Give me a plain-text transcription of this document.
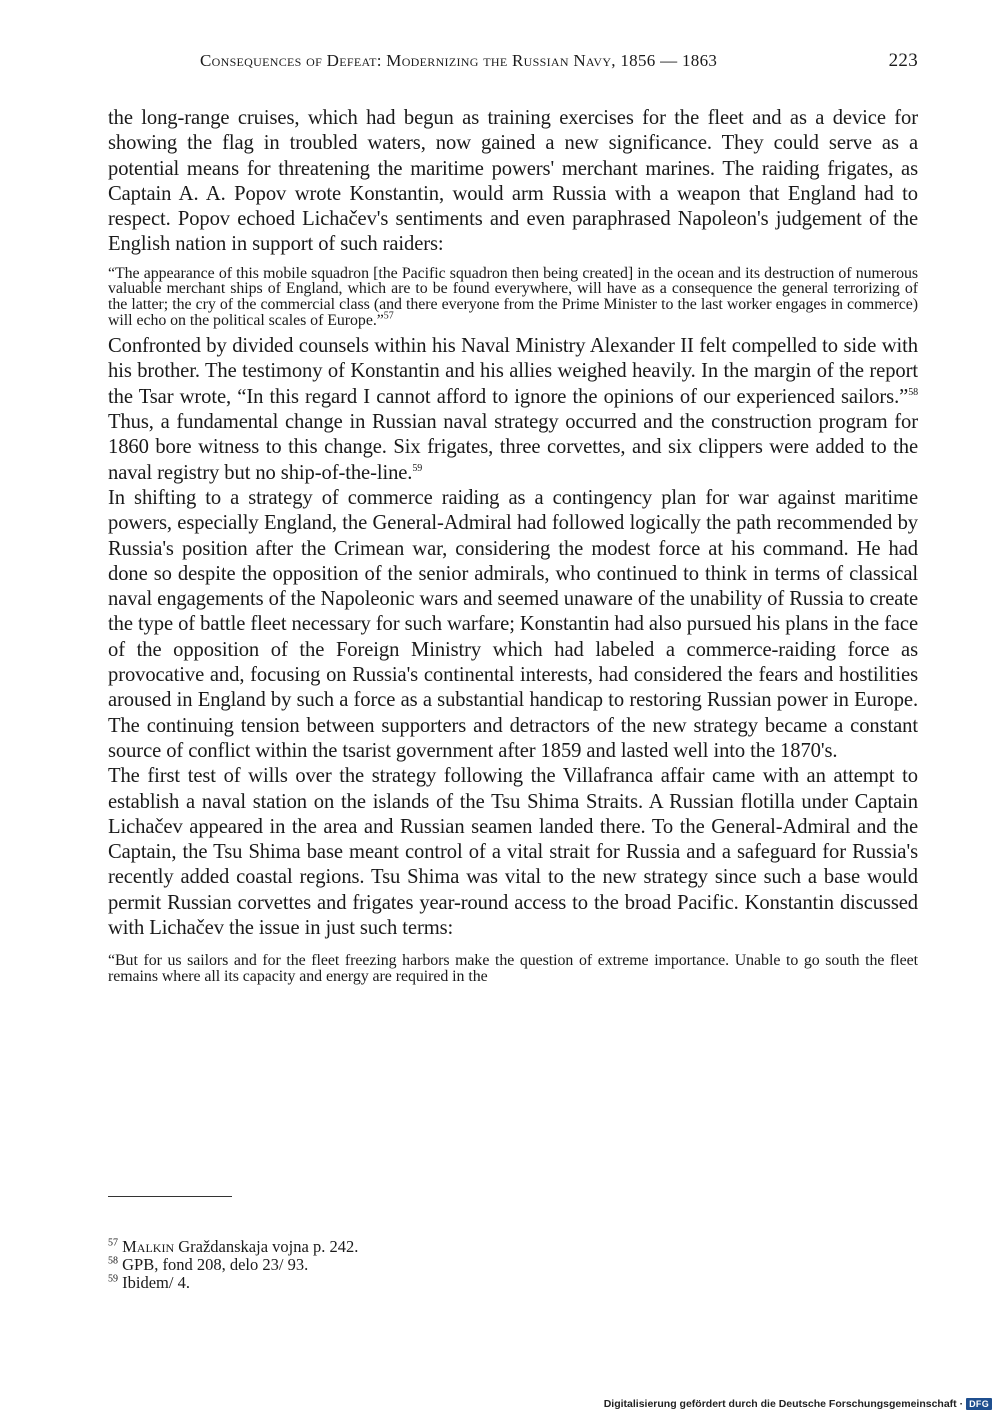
Consequences of Defeat: Modernizing the Russian Navy, 1856 — 1863	223

the long-range cruises, which had begun as training exercises for the fleet and as a device for showing the flag in troubled waters, now gained a new significance. They could serve as a potential means for threatening the maritime powers' merchant marines. The raiding frigates, as Captain A. A. Popov wrote Konstantin, would arm Russia with a weapon that England had to respect. Popov echoed Lichačev's sentiments and even paraphrased Napoleon's judgement of the English nation in support of such raiders:

“The appearance of this mobile squadron [the Pacific squadron then being created] in the ocean and its destruction of numerous valuable merchant ships of England, which are to be found everywhere, will have as a consequence the general terrorizing of the latter; the cry of the commercial class (and there everyone from the Prime Minister to the last worker engages in commerce) will echo on the political scales of Europe.”$^{57}$

Confronted by divided counsels within his Naval Ministry Alexander II felt compelled to side with his brother. The testimony of Konstantin and his allies weighed heavily. In the margin of the report the Tsar wrote, “In this regard I cannot afford to ignore the opinions of our experienced sailors.”$^{58}$ Thus, a fundamental change in Russian naval strategy occurred and the construction program for 1860 bore witness to this change. Six frigates, three corvettes, and six clippers were added to the naval registry but no ship-of-the-line.$^{59}$

In shifting to a strategy of commerce raiding as a contingency plan for war against maritime powers, especially England, the General-Admiral had followed logically the path recommended by Russia's position after the Crimean war, considering the modest force at his command. He had done so despite the opposition of the senior admirals, who continued to think in terms of classical naval engagements of the Napoleonic wars and seemed unaware of the unability of Russia to create the type of battle fleet necessary for such warfare; Konstantin had also pursued his plans in the face of the opposition of the Foreign Ministry which had labeled a commerce-raiding force as provocative and, focusing on Russia's continental interests, had considered the fears and hostilities aroused in England by such a force as a substantial handicap to restoring Russian power in Europe. The continuing tension between supporters and detractors of the new strategy became a constant source of conflict within the tsarist government after 1859 and lasted well into the 1870's.

The first test of wills over the strategy following the Villafranca affair came with an attempt to establish a naval station on the islands of the Tsu Shima Straits. A Russian flotilla under Captain Lichačev appeared in the area and Russian seamen landed there. To the General-Admiral and the Captain, the Tsu Shima base meant control of a vital strait for Russia and a safeguard for Russia's recently added coastal regions. Tsu Shima was vital to the new strategy since such a base would permit Russian corvettes and frigates year-round access to the broad Pacific. Konstantin discussed with Lichačev the issue in just such terms:

“But for us sailors and for the fleet freezing harbors make the question of extreme importance. Unable to go south the fleet remains where all its capacity and energy are required in the
$^{57}$ Malkin Graždanskaja vojna p. 242.
$^{58}$ GPB, fond 208, delo 23/ 93.
$^{59}$ Ibidem/ 4.
Digitalisierung gefördert durch die Deutsche Forschungsgemeinschaft · DFG
